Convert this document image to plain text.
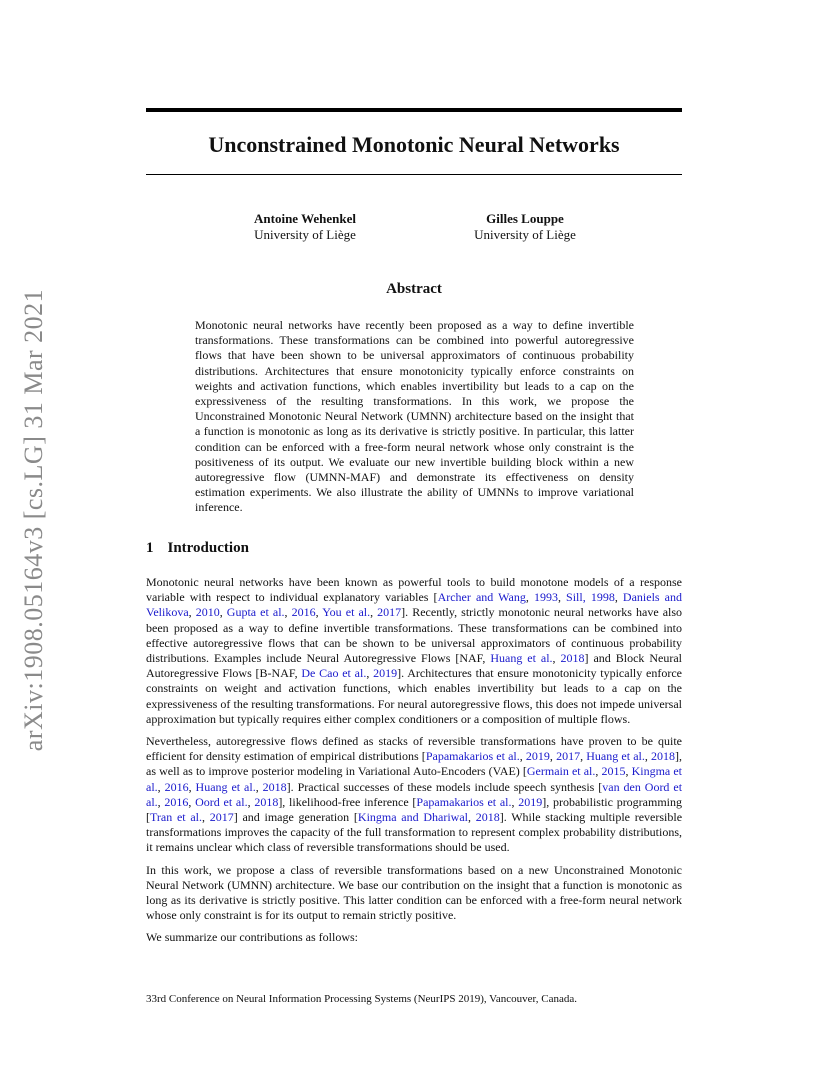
arXiv:1908.05164v3 [cs.LG] 31 Mar 2021
Unconstrained Monotonic Neural Networks
Antoine Wehenkel
University of Liège
Gilles Louppe
University of Liège
Abstract

Monotonic neural networks have recently been proposed as a way to define invertible transformations. These transformations can be combined into powerful autoregressive flows that have been shown to be universal approximators of continuous probability distributions. Architectures that ensure monotonicity typically enforce constraints on weights and activation functions, which enables invertibility but leads to a cap on the expressiveness of the resulting transformations. In this work, we propose the Unconstrained Monotonic Neural Network (UMNN) architecture based on the insight that a function is monotonic as long as its derivative is strictly positive. In particular, this latter condition can be enforced with a free-form neural network whose only constraint is the positiveness of its output. We evaluate our new invertible building block within a new autoregressive flow (UMNN-MAF) and demonstrate its effectiveness on density estimation experiments. We also illustrate the ability of UMNNs to improve variational inference.

1 Introduction

Monotonic neural networks have been known as powerful tools to build monotone models of a response variable with respect to individual explanatory variables [Archer and Wang, 1993, Sill, 1998, Daniels and Velikova, 2010, Gupta et al., 2016, You et al., 2017]. Recently, strictly monotonic neural networks have also been proposed as a way to define invertible transformations. These transformations can be combined into effective autoregressive flows that can be shown to be universal approximators of continuous probability distributions. Examples include Neural Autoregressive Flows [NAF, Huang et al., 2018] and Block Neural Autoregressive Flows [B-NAF, De Cao et al., 2019]. Architectures that ensure monotonicity typically enforce constraints on weight and activation functions, which enables invertibility but leads to a cap on the expressiveness of the resulting transformations. For neural autoregressive flows, this does not impede universal approximation but typically requires either complex conditioners or a composition of multiple flows.

Nevertheless, autoregressive flows defined as stacks of reversible transformations have proven to be quite efficient for density estimation of empirical distributions [Papamakarios et al., 2019, 2017, Huang et al., 2018], as well as to improve posterior modeling in Variational Auto-Encoders (VAE) [Germain et al., 2015, Kingma et al., 2016, Huang et al., 2018]. Practical successes of these models include speech synthesis [van den Oord et al., 2016, Oord et al., 2018], likelihood-free inference [Papamakarios et al., 2019], probabilistic programming [Tran et al., 2017] and image generation [Kingma and Dhariwal, 2018]. While stacking multiple reversible transformations improves the capacity of the full transformation to represent complex probability distributions, it remains unclear which class of reversible transformations should be used.

In this work, we propose a class of reversible transformations based on a new Unconstrained Monotonic Neural Network (UMNN) architecture. We base our contribution on the insight that a function is monotonic as long as its derivative is strictly positive. This latter condition can be enforced with a free-form neural network whose only constraint is for its output to remain strictly positive.

We summarize our contributions as follows:

33rd Conference on Neural Information Processing Systems (NeurIPS 2019), Vancouver, Canada.
